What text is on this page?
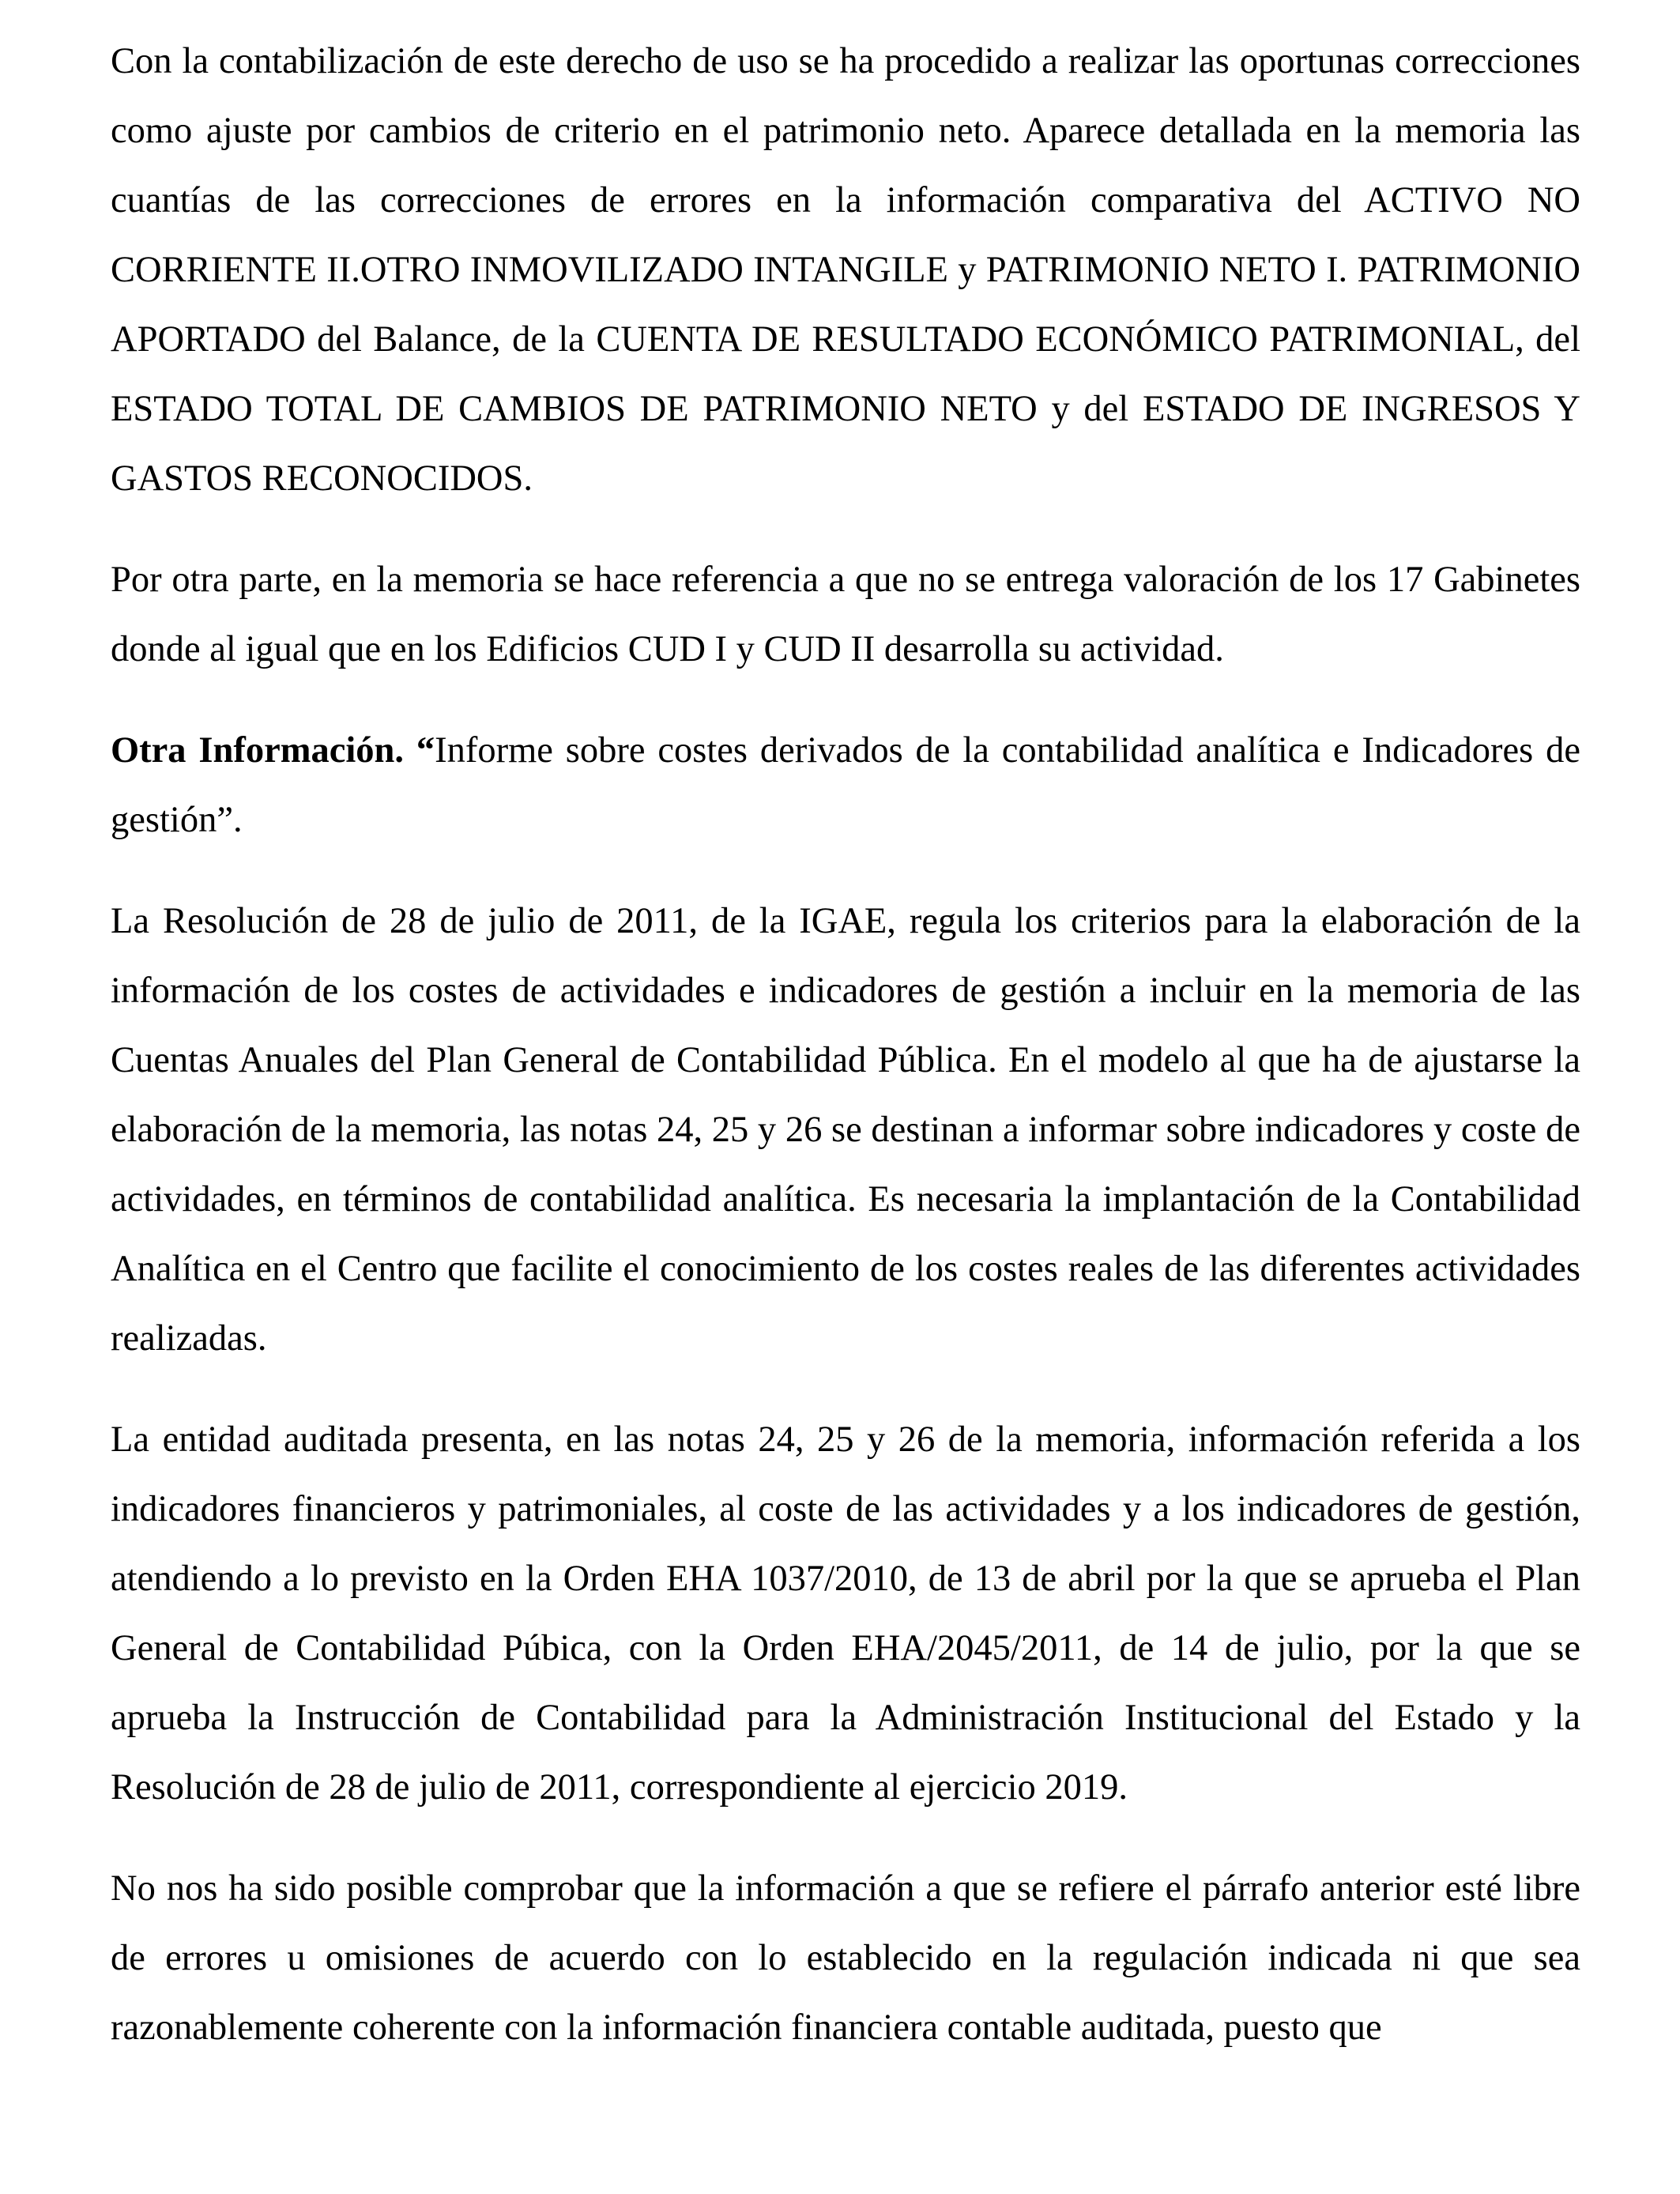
Con la contabilización de este derecho de uso se ha procedido a realizar las oportunas correcciones como ajuste por cambios de criterio en el patrimonio neto. Aparece detallada en la memoria las cuantías de las correcciones de errores en la información comparativa del ACTIVO NO CORRIENTE II.OTRO INMOVILIZADO INTANGILE y PATRIMONIO NETO I. PATRIMONIO APORTADO del Balance, de la CUENTA DE RESULTADO ECONÓMICO PATRIMONIAL, del ESTADO TOTAL DE CAMBIOS DE PATRIMONIO NETO y del ESTADO DE INGRESOS Y GASTOS RECONOCIDOS.

Por otra parte, en la memoria se hace referencia a que no se entrega valoración de los 17 Gabinetes donde al igual que en los Edificios CUD I y CUD II desarrolla su actividad.

Otra Información. “Informe sobre costes derivados de la contabilidad analítica e Indicadores de gestión”.

La Resolución de 28 de julio de 2011, de la IGAE, regula los criterios para la elaboración de la información de los costes de actividades e indicadores de gestión a incluir en la memoria de las Cuentas Anuales del Plan General de Contabilidad Pública. En el modelo al que ha de ajustarse la elaboración de la memoria, las notas 24, 25 y 26 se destinan a informar sobre indicadores y coste de actividades, en términos de contabilidad analítica. Es necesaria la implantación de la Contabilidad Analítica en el Centro que facilite el conocimiento de los costes reales de las diferentes actividades realizadas.

La entidad auditada presenta, en las notas 24, 25 y 26 de la memoria, información referida a los indicadores financieros y patrimoniales, al coste de las actividades y a los indicadores de gestión, atendiendo a lo previsto en la Orden EHA 1037/2010, de 13 de abril por la que se aprueba el Plan General de Contabilidad Púbica, con la Orden EHA/2045/2011, de 14 de julio, por la que se aprueba la Instrucción de Contabilidad para la Administración Institucional del Estado y la Resolución de 28 de julio de 2011, correspondiente al ejercicio 2019.

No nos ha sido posible comprobar que la información a que se refiere el párrafo anterior esté libre de errores u omisiones de acuerdo con lo establecido en la regulación indicada ni que sea razonablemente coherente con la información financiera contable auditada, puesto que
